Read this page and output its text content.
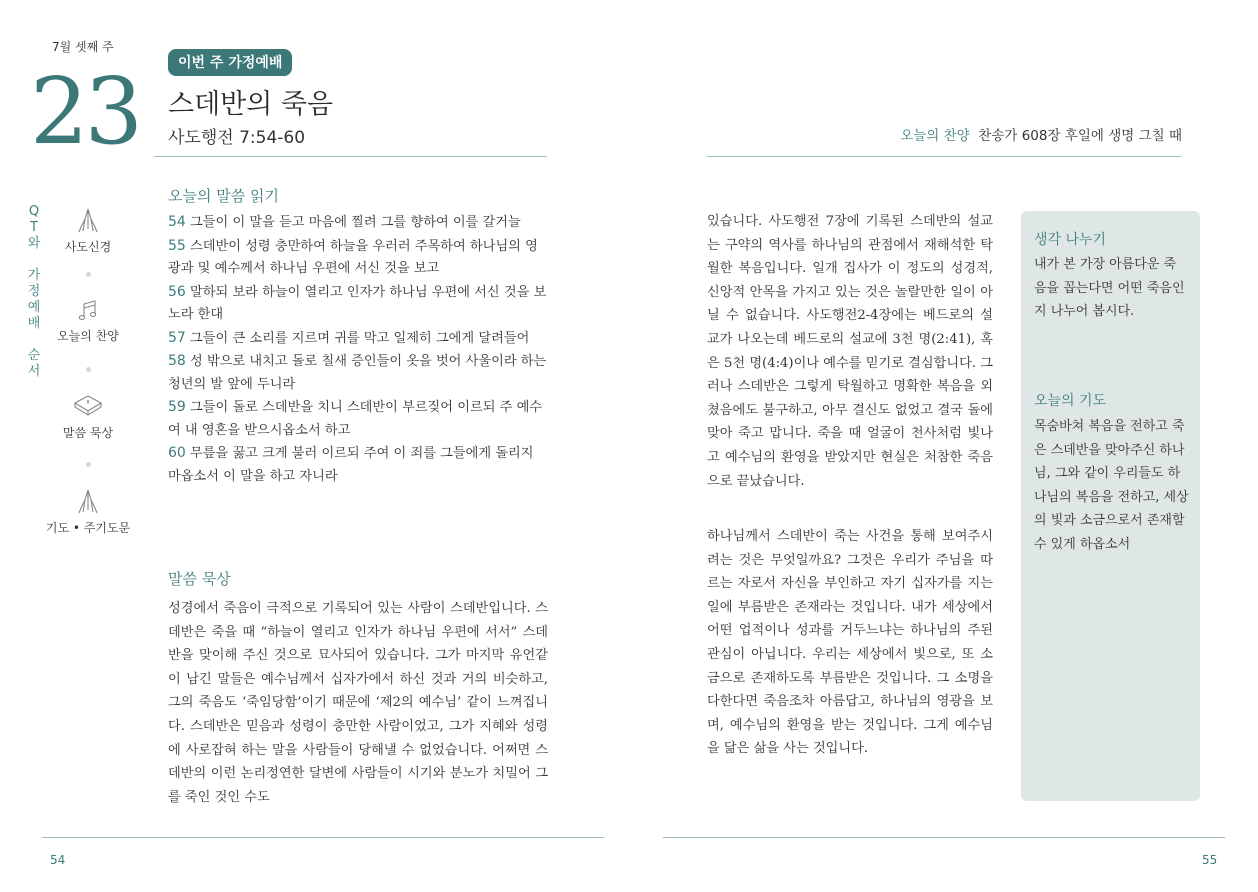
7월 셋째 주
23	이번 주 가정예배
스데반의 죽음
사도행전 7:54-60
Q
T
와
가
정
예
배
순
서
사도신경
오늘의 찬양
말씀 묵상
기도 • 주기도문
오늘의 말씀 읽기
54 그들이 이 말을 듣고 마음에 찔려 그를 향하여 이를 갈거늘
55 스데반이 성령 충만하여 하늘을 우러러 주목하여 하나님의 영광과 및 예수께서 하나님 우편에 서신 것을 보고
56 말하되 보라 하늘이 열리고 인자가 하나님 우편에 서신 것을 보노라 한대
57 그들이 큰 소리를 지르며 귀를 막고 일제히 그에게 달려들어
58 성 밖으로 내치고 돌로 칠새 증인들이 옷을 벗어 사울이라 하는 청년의 발 앞에 두니라
59 그들이 돌로 스데반을 치니 스데반이 부르짖어 이르되 주 예수여 내 영혼을 받으시옵소서 하고
60 무릎을 꿇고 크게 불러 이르되 주여 이 죄를 그들에게 돌리지 마옵소서 이 말을 하고 자니라
말씀 묵상
성경에서 죽음이 극적으로 기록되어 있는 사람이 스데반입니다. 스데반은 죽을 때 “하늘이 열리고 인자가 하나님 우편에 서서” 스데반을 맞이해 주신 것으로 묘사되어 있습니다. 그가 마지막 유언같이 남긴 말들은 예수님께서 십자가에서 하신 것과 거의 비슷하고, 그의 죽음도 ‘죽임당함’이기 때문에 ‘제2의 예수님’ 같이 느껴집니다. 스데반은 믿음과 성령이 충만한 사람이었고, 그가 지혜와 성령에 사로잡혀 하는 말을 사람들이 당해낼 수 없었습니다. 어쩌면 스데반의 이런 논리정연한 달변에 사람들이 시기와 분노가 치밀어 그를 죽인 것인 수도
54
오늘의 찬양 찬송가 608장 후일에 생명 그칠 때
있습니다. 사도행전 7장에 기록된 스데반의 설교는 구약의 역사를 하나님의 관점에서 재해석한 탁월한 복음입니다. 일개 집사가 이 정도의 성경적, 신앙적 안목을 가지고 있는 것은 놀랄만한 일이 아닐 수 없습니다. 사도행전2-4장에는 베드로의 설교가 나오는데 베드로의 설교에 3천 명(2:41), 혹은 5천 명(4:4)이나 예수를 믿기로 결심합니다. 그러나 스데반은 그렇게 탁월하고 명확한 복음을 외쳤음에도 불구하고, 아무 결신도 없었고 결국 돌에 맞아 죽고 맙니다. 죽을 때 얼굴이 천사처럼 빛나고 예수님의 환영을 받았지만 현실은 처참한 죽음으로 끝났습니다.
하나님께서 스데반이 죽는 사건을 통해 보여주시려는 것은 무엇일까요? 그것은 우리가 주님을 따르는 자로서 자신을 부인하고 자기 십자가를 지는 일에 부름받은 존재라는 것입니다. 내가 세상에서 어떤 업적이나 성과를 거두느냐는 하나님의 주된 관심이 아닙니다. 우리는 세상에서 빛으로, 또 소금으로 존재하도록 부름받은 것입니다. 그 소명을 다한다면 죽음조차 아름답고, 하나님의 영광을 보며, 예수님의 환영을 받는 것입니다. 그게 예수님을 닮은 삶을 사는 것입니다.
생각 나누기
내가 본 가장 아름다운 죽음을 꼽는다면 어떤 죽음인지 나누어 봅시다.
오늘의 기도
목숨바쳐 복음을 전하고 죽은 스데반을 맞아주신 하나님, 그와 같이 우리들도 하나님의 복음을 전하고, 세상의 빛과 소금으로서 존재할 수 있게 하옵소서
55
